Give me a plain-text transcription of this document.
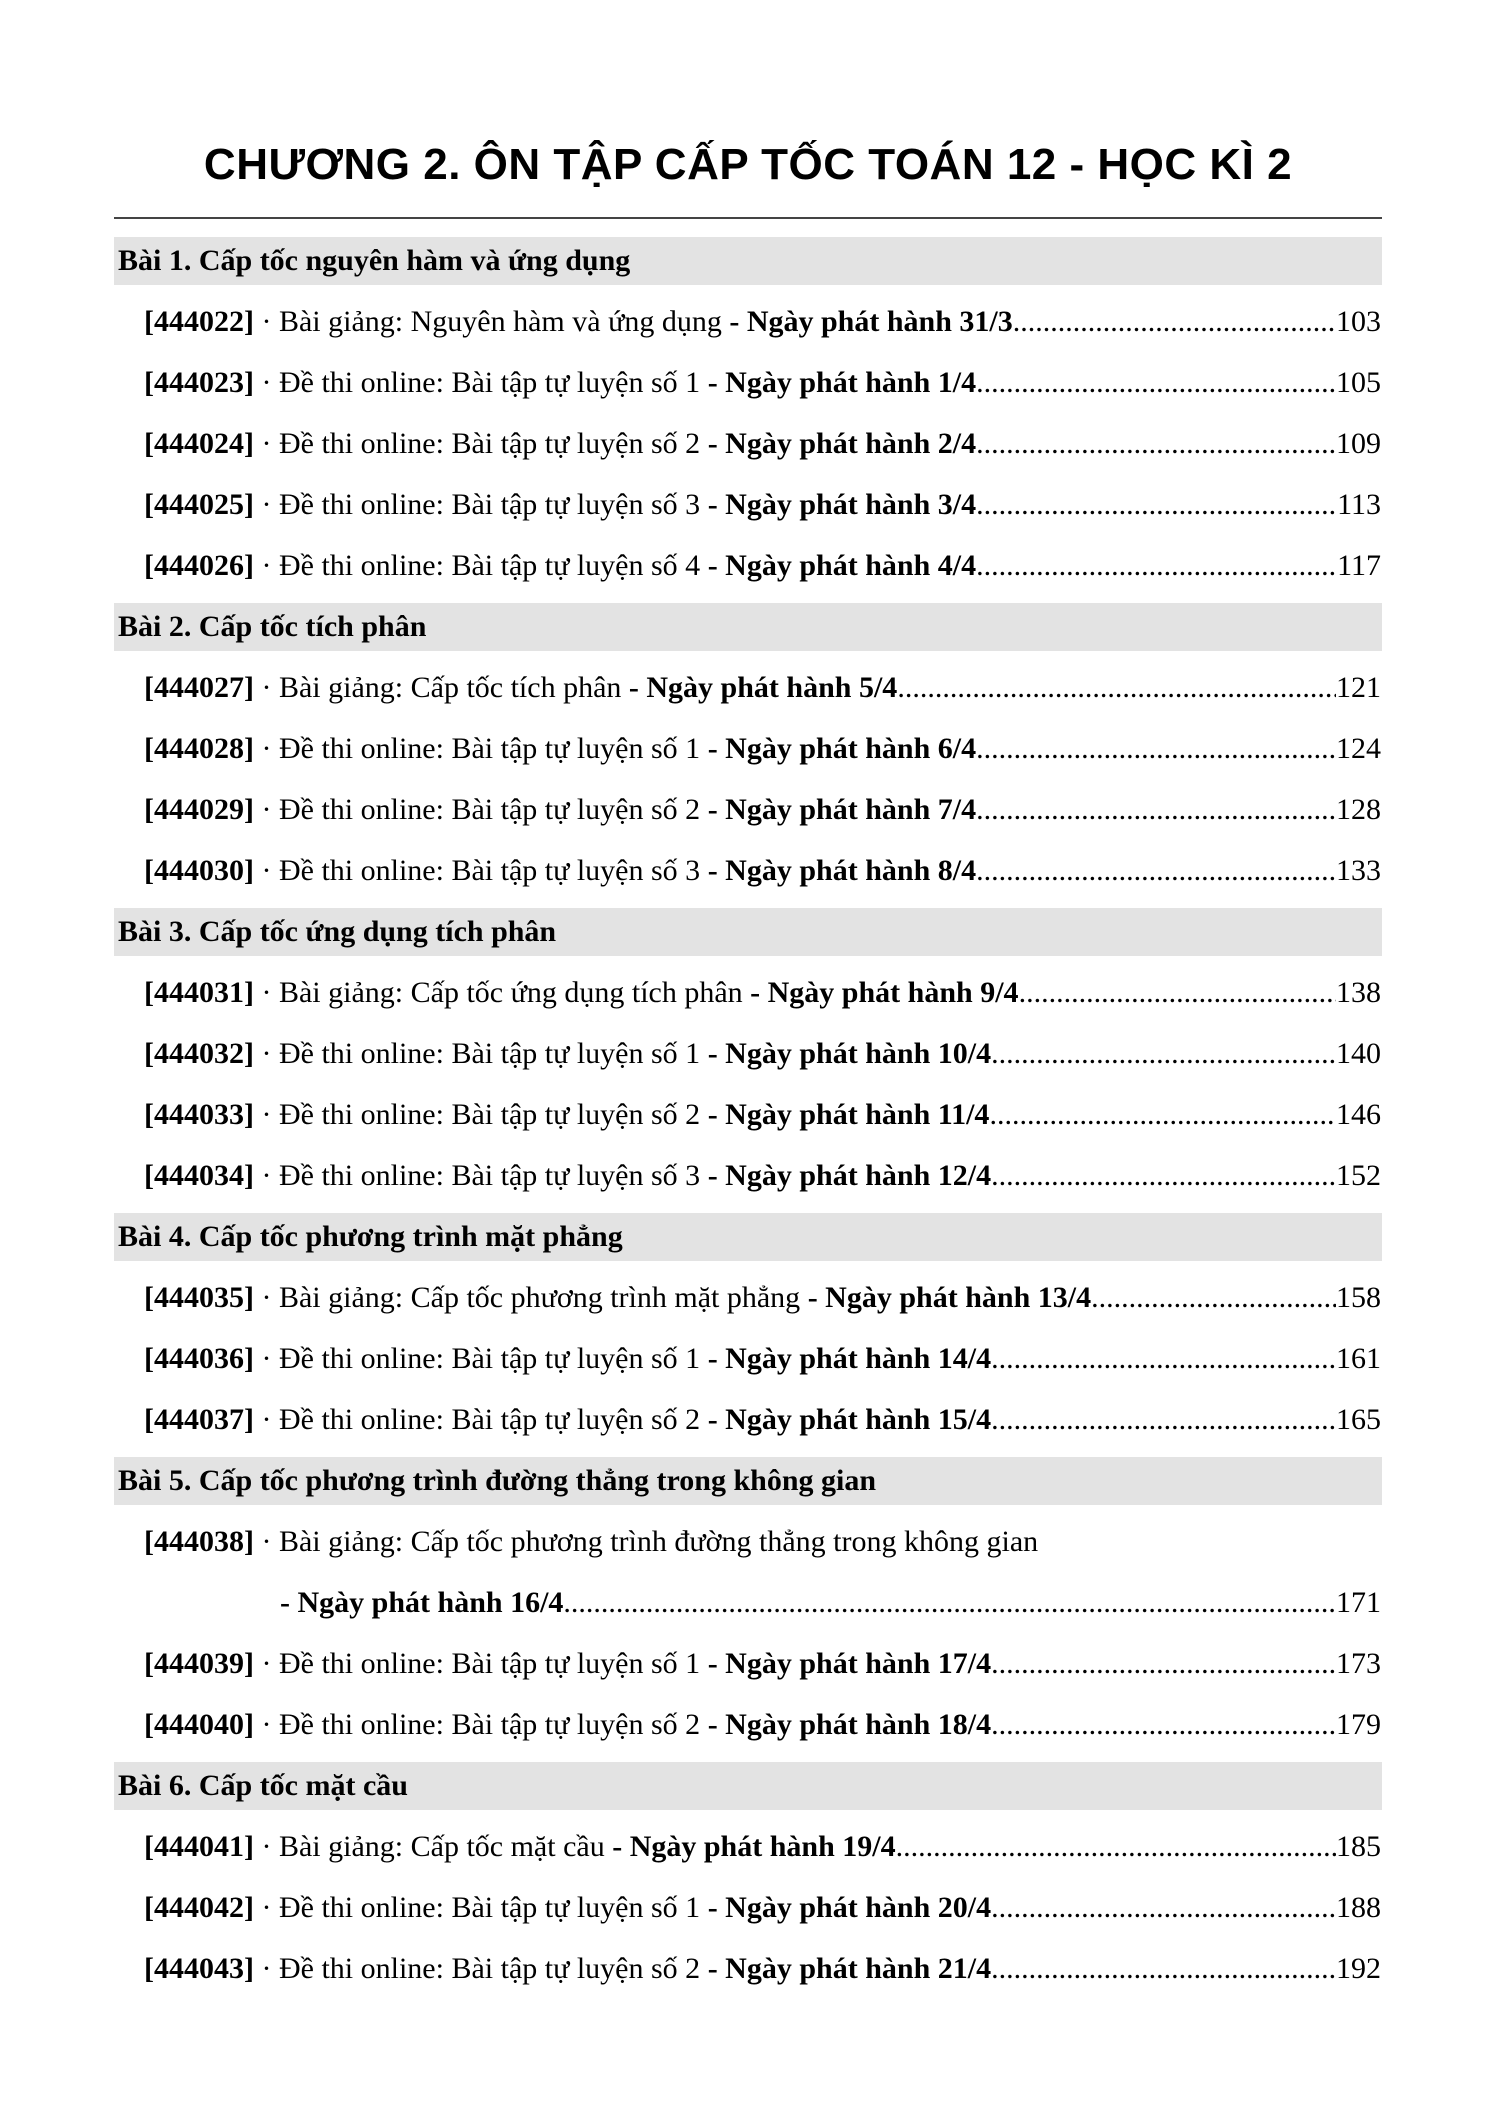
CHƯƠNG 2. ÔN TẬP CẤP TỐC TOÁN 12 - HỌC KÌ 2
Bài 1. Cấp tốc nguyên hàm và ứng dụng
[444022] · Bài giảng: Nguyên hàm và ứng dụng - Ngày phát hành 31/3 .....	103
[444023] · Đề thi online: Bài tập tự luyện số 1 - Ngày phát hành 1/4 .....	105
[444024] · Đề thi online: Bài tập tự luyện số 2 - Ngày phát hành 2/4 .....	109
[444025] · Đề thi online: Bài tập tự luyện số 3 - Ngày phát hành 3/4 .....	113
[444026] · Đề thi online: Bài tập tự luyện số 4 - Ngày phát hành 4/4 .....	117
Bài 2. Cấp tốc tích phân
[444027] · Bài giảng: Cấp tốc tích phân - Ngày phát hành 5/4 .....	121
[444028] · Đề thi online: Bài tập tự luyện số 1 - Ngày phát hành 6/4 .....	124
[444029] · Đề thi online: Bài tập tự luyện số 2 - Ngày phát hành 7/4 .....	128
[444030] · Đề thi online: Bài tập tự luyện số 3 - Ngày phát hành 8/4 .....	133
Bài 3. Cấp tốc ứng dụng tích phân
[444031] · Bài giảng: Cấp tốc ứng dụng tích phân - Ngày phát hành 9/4 .....	138
[444032] · Đề thi online: Bài tập tự luyện số 1 - Ngày phát hành 10/4 .....	140
[444033] · Đề thi online: Bài tập tự luyện số 2 - Ngày phát hành 11/4 .....	146
[444034] · Đề thi online: Bài tập tự luyện số 3 - Ngày phát hành 12/4 .....	152
Bài 4. Cấp tốc phương trình mặt phẳng
[444035] · Bài giảng: Cấp tốc phương trình mặt phẳng - Ngày phát hành 13/4 .....	158
[444036] · Đề thi online: Bài tập tự luyện số 1 - Ngày phát hành 14/4 .....	161
[444037] · Đề thi online: Bài tập tự luyện số 2 - Ngày phát hành 15/4 .....	165
Bài 5. Cấp tốc phương trình đường thẳng trong không gian
[444038] · Bài giảng: Cấp tốc phương trình đường thẳng trong không gian
- Ngày phát hành 16/4 .....	171
[444039] · Đề thi online: Bài tập tự luyện số 1 - Ngày phát hành 17/4 .....	173
[444040] · Đề thi online: Bài tập tự luyện số 2 - Ngày phát hành 18/4 .....	179
Bài 6. Cấp tốc mặt cầu
[444041] · Bài giảng: Cấp tốc mặt cầu - Ngày phát hành 19/4 .....	185
[444042] · Đề thi online: Bài tập tự luyện số 1 - Ngày phát hành 20/4 .....	188
[444043] · Đề thi online: Bài tập tự luyện số 2 - Ngày phát hành 21/4 .....	192
